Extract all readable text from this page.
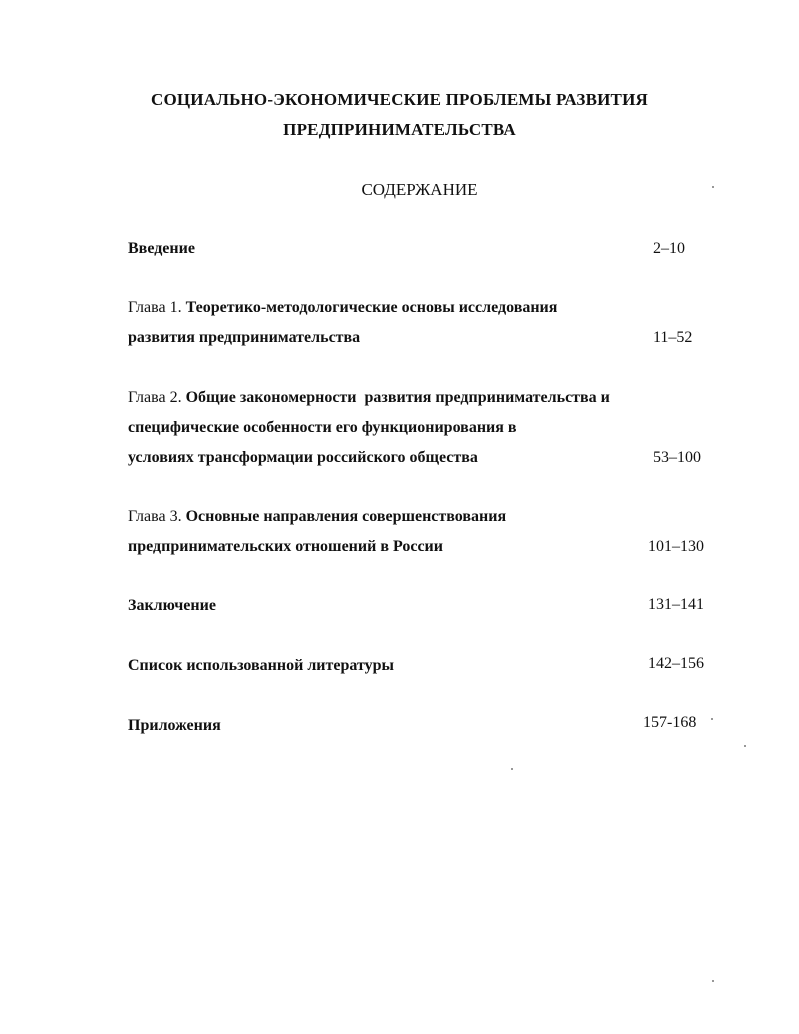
СОЦИАЛЬНО-ЭКОНОМИЧЕСКИЕ ПРОБЛЕМЫ РАЗВИТИЯ
ПРЕДПРИНИМАТЕЛЬСТВА
СОДЕРЖАНИЕ
Введение	2–10
Глава 1. Теоретико-методологические основы исследования
развития предпринимательства	11–52
Глава 2. Общие закономерности  развития предпринимательства и
специфические особенности его функционирования в
условиях трансформации российского общества	53–100
Глава 3. Основные направления совершенствования
предпринимательских отношений в России	101–130
Заключение	131–141
Список использованной литературы	142–156
Приложения	157-168
